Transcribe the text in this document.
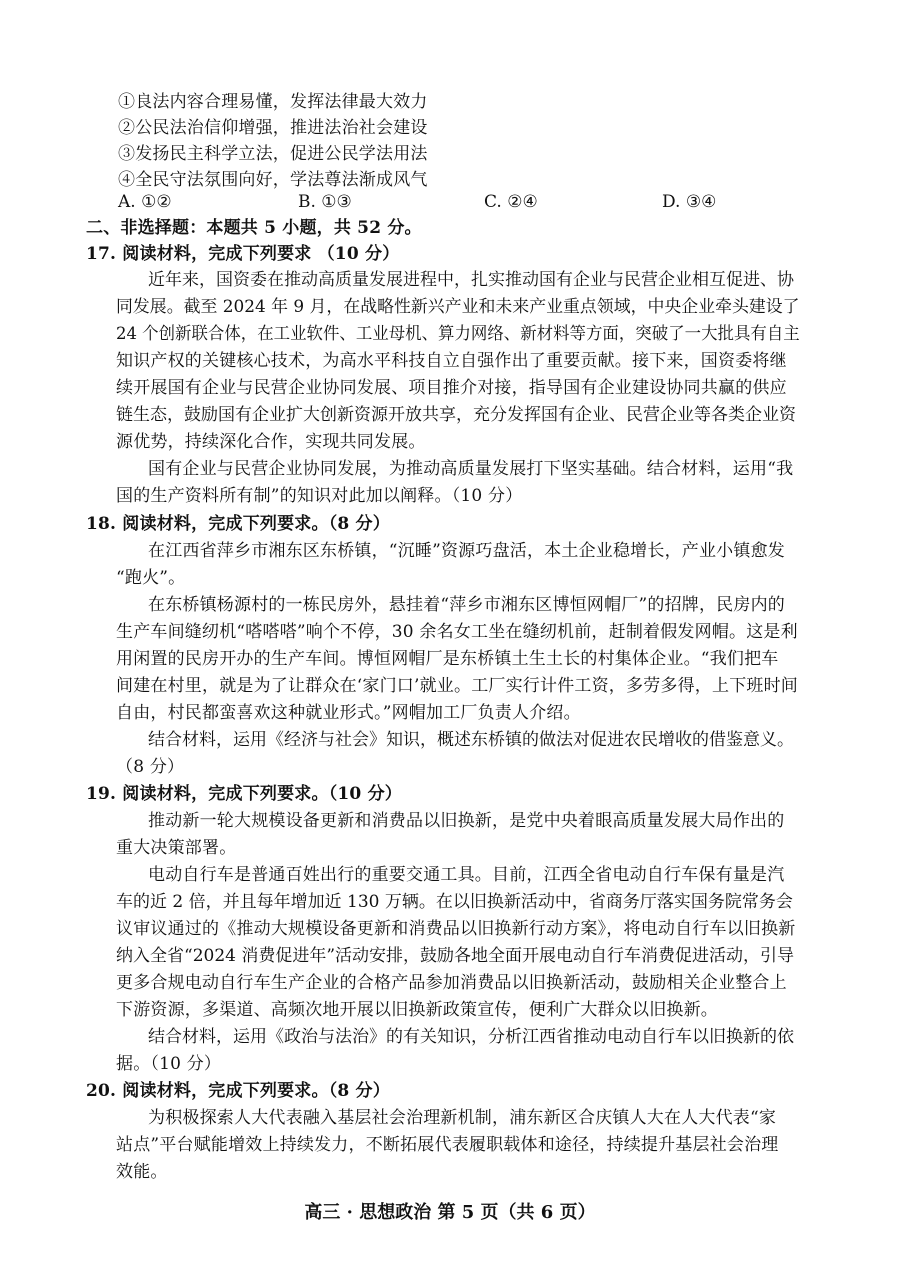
①良法内容合理易懂，发挥法律最大效力
②公民法治信仰增强，推进法治社会建设
③发扬民主科学立法，促进公民学法用法
④全民守法氛围向好，学法尊法渐成风气
A. ①②	B. ①③	C. ②④	D. ③④
二、非选择题：本题共 5 小题，共 52 分。
17. 阅读材料，完成下列要求 （10 分）
近年来，国资委在推动高质量发展进程中，扎实推动国有企业与民营企业相互促进、协
同发展。截至 2024 年 9 月，在战略性新兴产业和未来产业重点领域，中央企业牵头建设了
24 个创新联合体，在工业软件、工业母机、算力网络、新材料等方面，突破了一大批具有自主
知识产权的关键核心技术，为高水平科技自立自强作出了重要贡献。接下来，国资委将继
续开展国有企业与民营企业协同发展、项目推介对接，指导国有企业建设协同共赢的供应
链生态，鼓励国有企业扩大创新资源开放共享，充分发挥国有企业、民营企业等各类企业资
源优势，持续深化合作，实现共同发展。
国有企业与民营企业协同发展，为推动高质量发展打下坚实基础。结合材料，运用“我
国的生产资料所有制”的知识对此加以阐释。（10 分）
18. 阅读材料，完成下列要求。（8 分）
在江西省萍乡市湘东区东桥镇，“沉睡”资源巧盘活，本土企业稳增长，产业小镇愈发
“跑火”。
在东桥镇杨源村的一栋民房外，悬挂着“萍乡市湘东区博恒网帽厂”的招牌，民房内的
生产车间缝纫机“嗒嗒嗒”响个不停，30 余名女工坐在缝纫机前，赶制着假发网帽。这是利
用闲置的民房开办的生产车间。博恒网帽厂是东桥镇土生土长的村集体企业。“我们把车
间建在村里，就是为了让群众在‘家门口’就业。工厂实行计件工资，多劳多得，上下班时间
自由，村民都蛮喜欢这种就业形式。”网帽加工厂负责人介绍。
结合材料，运用《经济与社会》知识，概述东桥镇的做法对促进农民增收的借鉴意义。
（8 分）
19. 阅读材料，完成下列要求。（10 分）
推动新一轮大规模设备更新和消费品以旧换新，是党中央着眼高质量发展大局作出的
重大决策部署。
电动自行车是普通百姓出行的重要交通工具。目前，江西全省电动自行车保有量是汽
车的近 2 倍，并且每年增加近 130 万辆。在以旧换新活动中，省商务厅落实国务院常务会
议审议通过的《推动大规模设备更新和消费品以旧换新行动方案》，将电动自行车以旧换新
纳入全省“2024 消费促进年”活动安排，鼓励各地全面开展电动自行车消费促进活动，引导
更多合规电动自行车生产企业的合格产品参加消费品以旧换新活动，鼓励相关企业整合上
下游资源，多渠道、高频次地开展以旧换新政策宣传，便利广大群众以旧换新。
结合材料，运用《政治与法治》的有关知识，分析江西省推动电动自行车以旧换新的依
据。（10 分）
20. 阅读材料，完成下列要求。（8 分）
为积极探索人大代表融入基层社会治理新机制，浦东新区合庆镇人大在人大代表“家
站点”平台赋能增效上持续发力，不断拓展代表履职载体和途径，持续提升基层社会治理
效能。
高三 · 思想政治 第 5 页（共 6 页）
